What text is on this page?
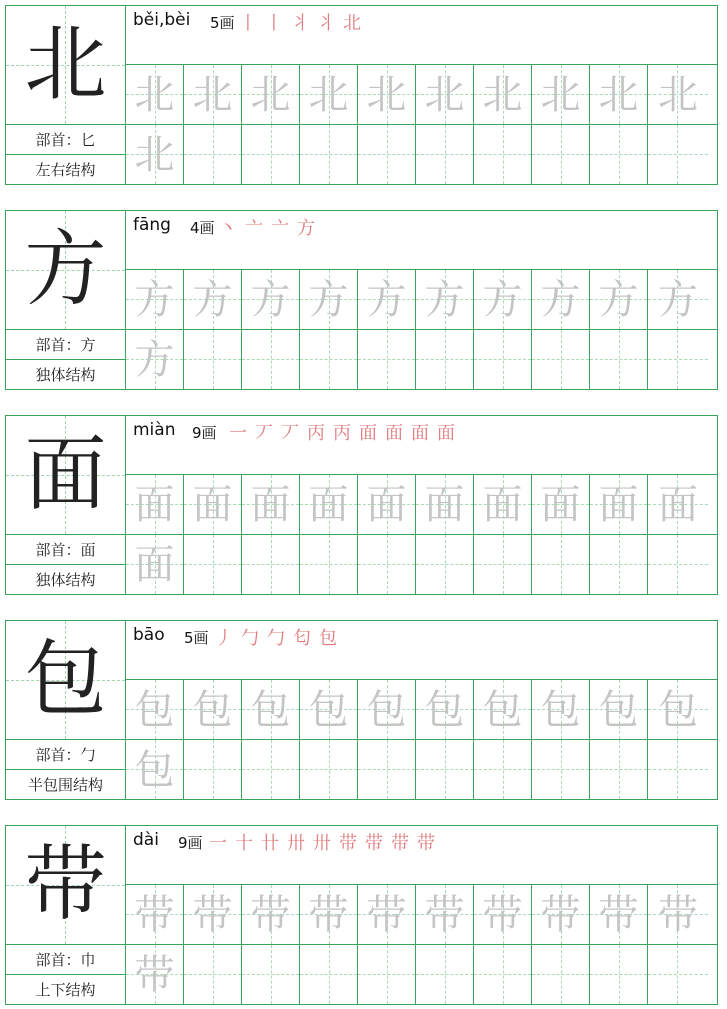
北
部首：匕
左右结构
běi,bèi 5画 丨 丨 丬 丬 北
北 北 北 北 北 北 北 北 北 北
北
方
部首：方
独体结构
fāng 4画 丶 亠 亠 方
方 方 方 方 方 方 方 方 方 方
方
面
部首：面
独体结构
miàn 9画 一 丆 丆 丙 丙 面 面 面 面
面 面 面 面 面 面 面 面 面 面
面
包
部首：勹
半包围结构
bāo 5画 丿 勹 勹 匂 包
包 包 包 包 包 包 包 包 包 包
包
带
部首：巾
上下结构
dài 9画 一 十 卄 卅 卅 带 带 带 带
带 带 带 带 带 带 带 带 带 带
带
